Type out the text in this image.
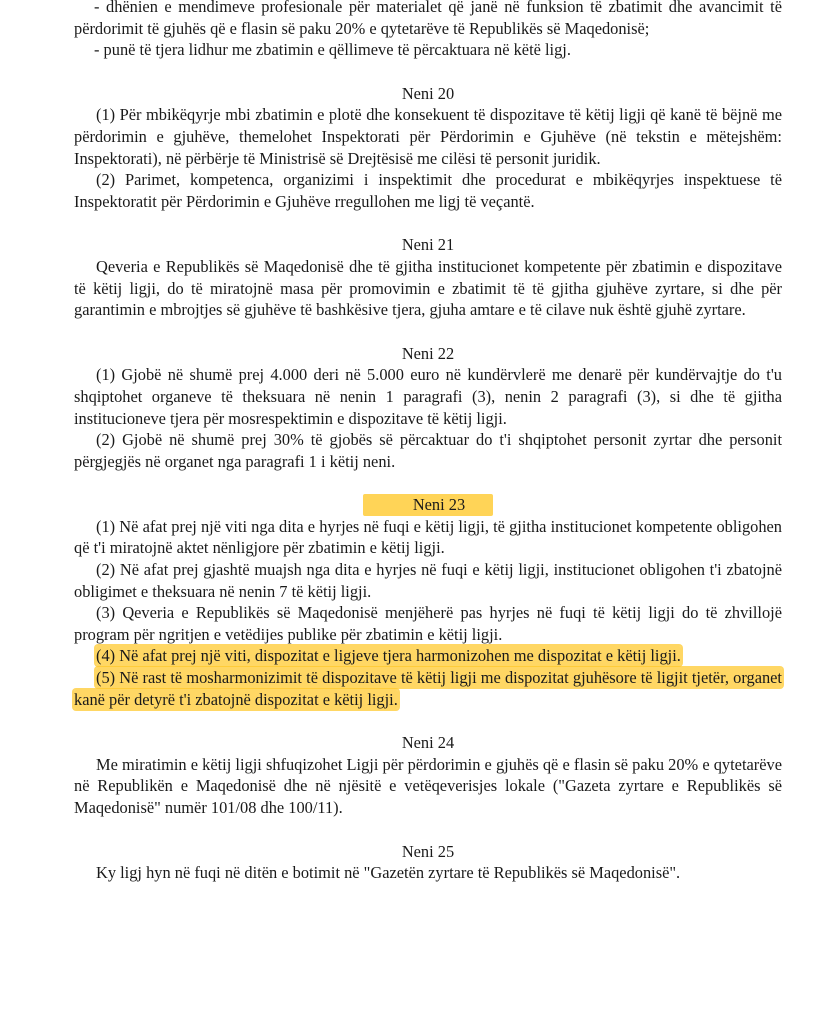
- dhënien e mendimeve profesionale për materialet që janë në funksion të zbatimit dhe avancimit të përdorimit të gjuhës që e flasin së paku 20% e qytetarëve të Republikës së Maqedonisë;

- punë të tjera lidhur me zbatimin e qëllimeve të përcaktuara në këtë ligj.

Neni 20

(1) Për mbikëqyrje mbi zbatimin e plotë dhe konsekuent të dispozitave të këtij ligji që kanë të bëjnë me përdorimin e gjuhëve, themelohet Inspektorati për Përdorimin e Gjuhëve (në tekstin e mëtejshëm: Inspektorati), në përbërje të Ministrisë së Drejtësisë me cilësi të personit juridik.

(2) Parimet, kompetenca, organizimi i inspektimit dhe procedurat e mbikëqyrjes inspektuese të Inspektoratit për Përdorimin e Gjuhëve rregullohen me ligj të veçantë.

Neni 21

Qeveria e Republikës së Maqedonisë dhe të gjitha institucionet kompetente për zbatimin e dispozitave të këtij ligji, do të miratojnë masa për promovimin e zbatimit të të gjitha gjuhëve zyrtare, si dhe për garantimin e mbrojtjes së gjuhëve të bashkësive tjera, gjuha amtare e të cilave nuk është gjuhë zyrtare.

Neni 22

(1) Gjobë në shumë prej 4.000 deri në 5.000 euro në kundërvlerë me denarë për kundërvajtje do t'u shqiptohet organeve të theksuara në nenin 1 paragrafi (3), nenin 2 paragrafi (3), si dhe të gjitha institucioneve tjera për mosrespektimin e dispozitave të këtij ligji.

(2) Gjobë në shumë prej 30% të gjobës së përcaktuar do t'i shqiptohet personit zyrtar dhe personit përgjegjës në organet nga paragrafi 1 i këtij neni.

Neni 23

(1) Në afat prej një viti nga dita e hyrjes në fuqi e këtij ligji, të gjitha institucionet kompetente obligohen që t'i miratojnë aktet nënligjore për zbatimin e këtij ligji.

(2) Në afat prej gjashtë muajsh nga dita e hyrjes në fuqi e këtij ligji, institucionet obligohen t'i zbatojnë obligimet e theksuara në nenin 7 të këtij ligji.

(3) Qeveria e Republikës së Maqedonisë menjëherë pas hyrjes në fuqi të këtij ligji do të zhvillojë program për ngritjen e vetëdijes publike për zbatimin e këtij ligji.

(4) Në afat prej një viti, dispozitat e ligjeve tjera harmonizohen me dispozitat e këtij ligji.

(5) Në rast të mosharmonizimit të dispozitave të këtij ligji me dispozitat gjuhësore të ligjit tjetër, organet kanë për detyrë t'i zbatojnë dispozitat e këtij ligji.

Neni 24

Me miratimin e këtij ligji shfuqizohet Ligji për përdorimin e gjuhës që e flasin së paku 20% e qytetarëve në Republikën e Maqedonisë dhe në njësitë e vetëqeverisjes lokale ("Gazeta zyrtare e Republikës së Maqedonisë" numër 101/08 dhe 100/11).

Neni 25

Ky ligj hyn në fuqi në ditën e botimit në "Gazetën zyrtare të Republikës së Maqedonisë".
